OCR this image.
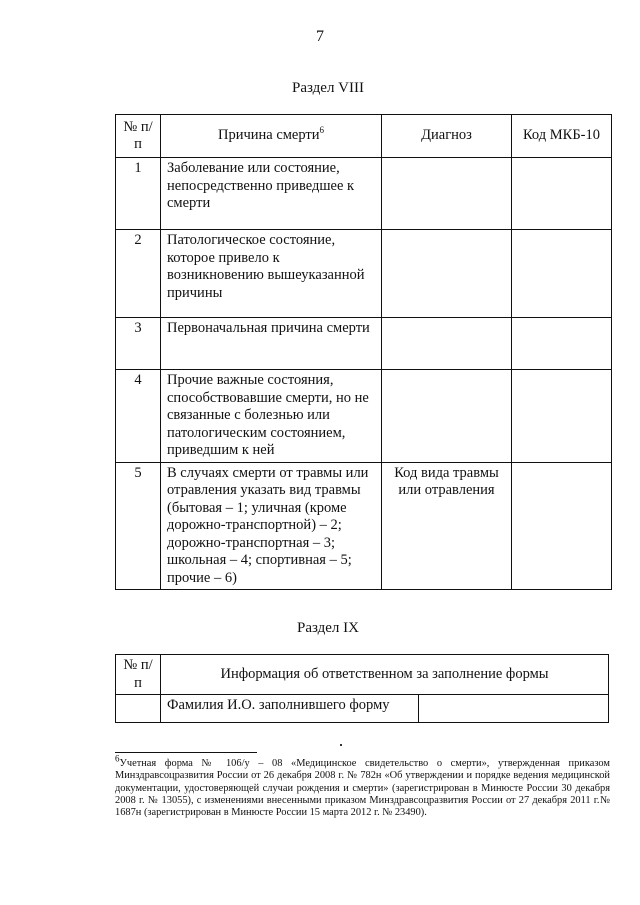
7
Раздел VIII
№ п/п	Причина смерти$^6$	Диагноз	Код МКБ-10
1	Заболевание или состояние, непосредственно приведшее к смерти		
2	Патологическое состояние, которое привело к возникновению вышеуказанной причины		
3	Первоначальная причина смерти		
4	Прочие важные состояния, способствовавшие смерти, но не связанные с болезнью или патологическим состоянием, приведшим к ней		
5	В случаях смерти от травмы или отравления указать вид травмы (бытовая – 1; уличная (кроме дорожно-транспортной) – 2; дорожно-транспортная – 3; школьная – 4; спортивная – 5; прочие – 6)	Код вида травмы или отравления	
Раздел IX
№ п/п	Информация об ответственном за заполнение формы	
	Фамилия И.О. заполнившего форму	
6Учетная форма № 106/у – 08 «Медицинское свидетельство о смерти», утвержденная приказом Минздравсоцразвития России от 26 декабря 2008 г. № 782н «Об утверждении и порядке ведения медицинской документации, удостоверяющей случаи рождения и смерти» (зарегистрирован в Минюсте России 30 декабря 2008 г. № 13055), с изменениями внесенными приказом Минздравсоцразвития России от 27 декабря 2011 г.№ 1687н (зарегистрирован в Минюсте России 15 марта 2012 г. № 23490).
